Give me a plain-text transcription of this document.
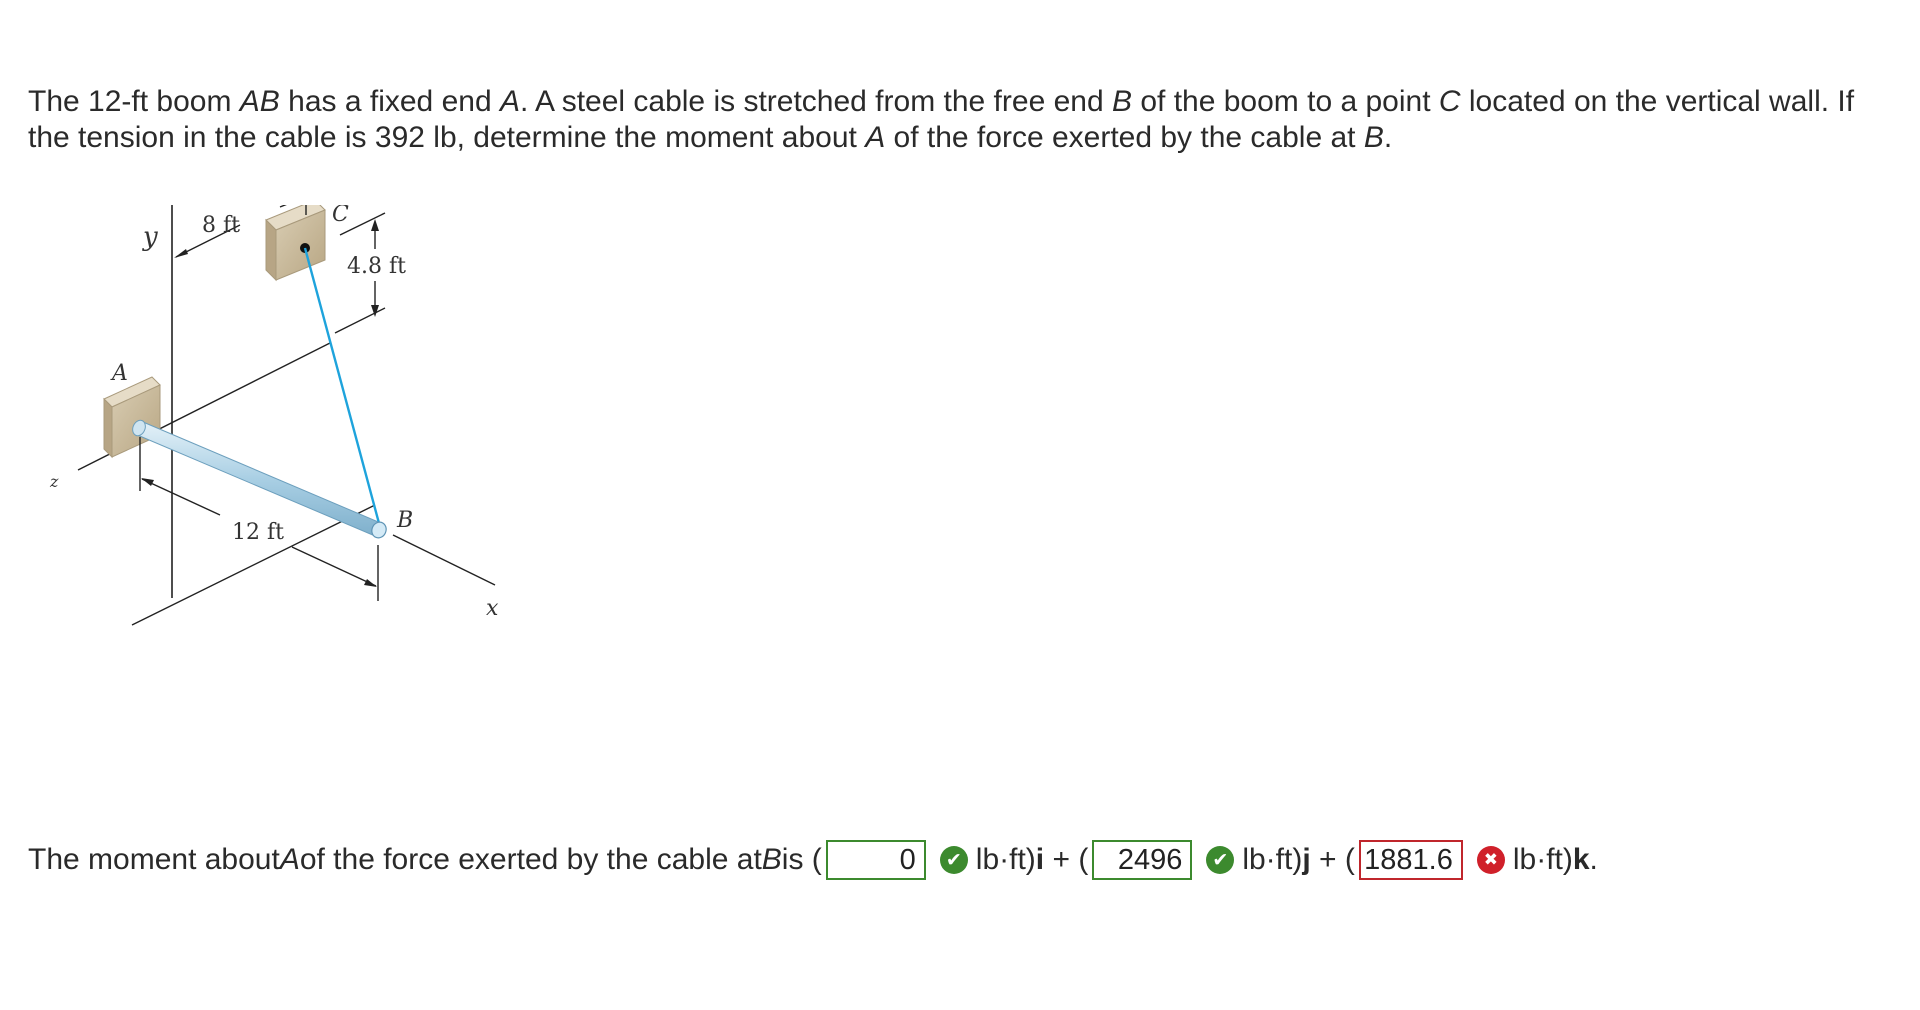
The 12-ft boom AB has a fixed end A. A steel cable is stretched from the free end B of the boom to a point C located on the vertical wall. If the tension in the cable is 392 lb, determine the moment about A of the force exerted by the cable at B.
y
z
x
8 ft	C
4.8 ft
A
B
12 ft
The moment about A of the force exerted by the cable at B is (	0	✔ lb·ft)i + (	2496	✔ lb·ft)j + ( 1881.6	✖ lb·ft)k.
